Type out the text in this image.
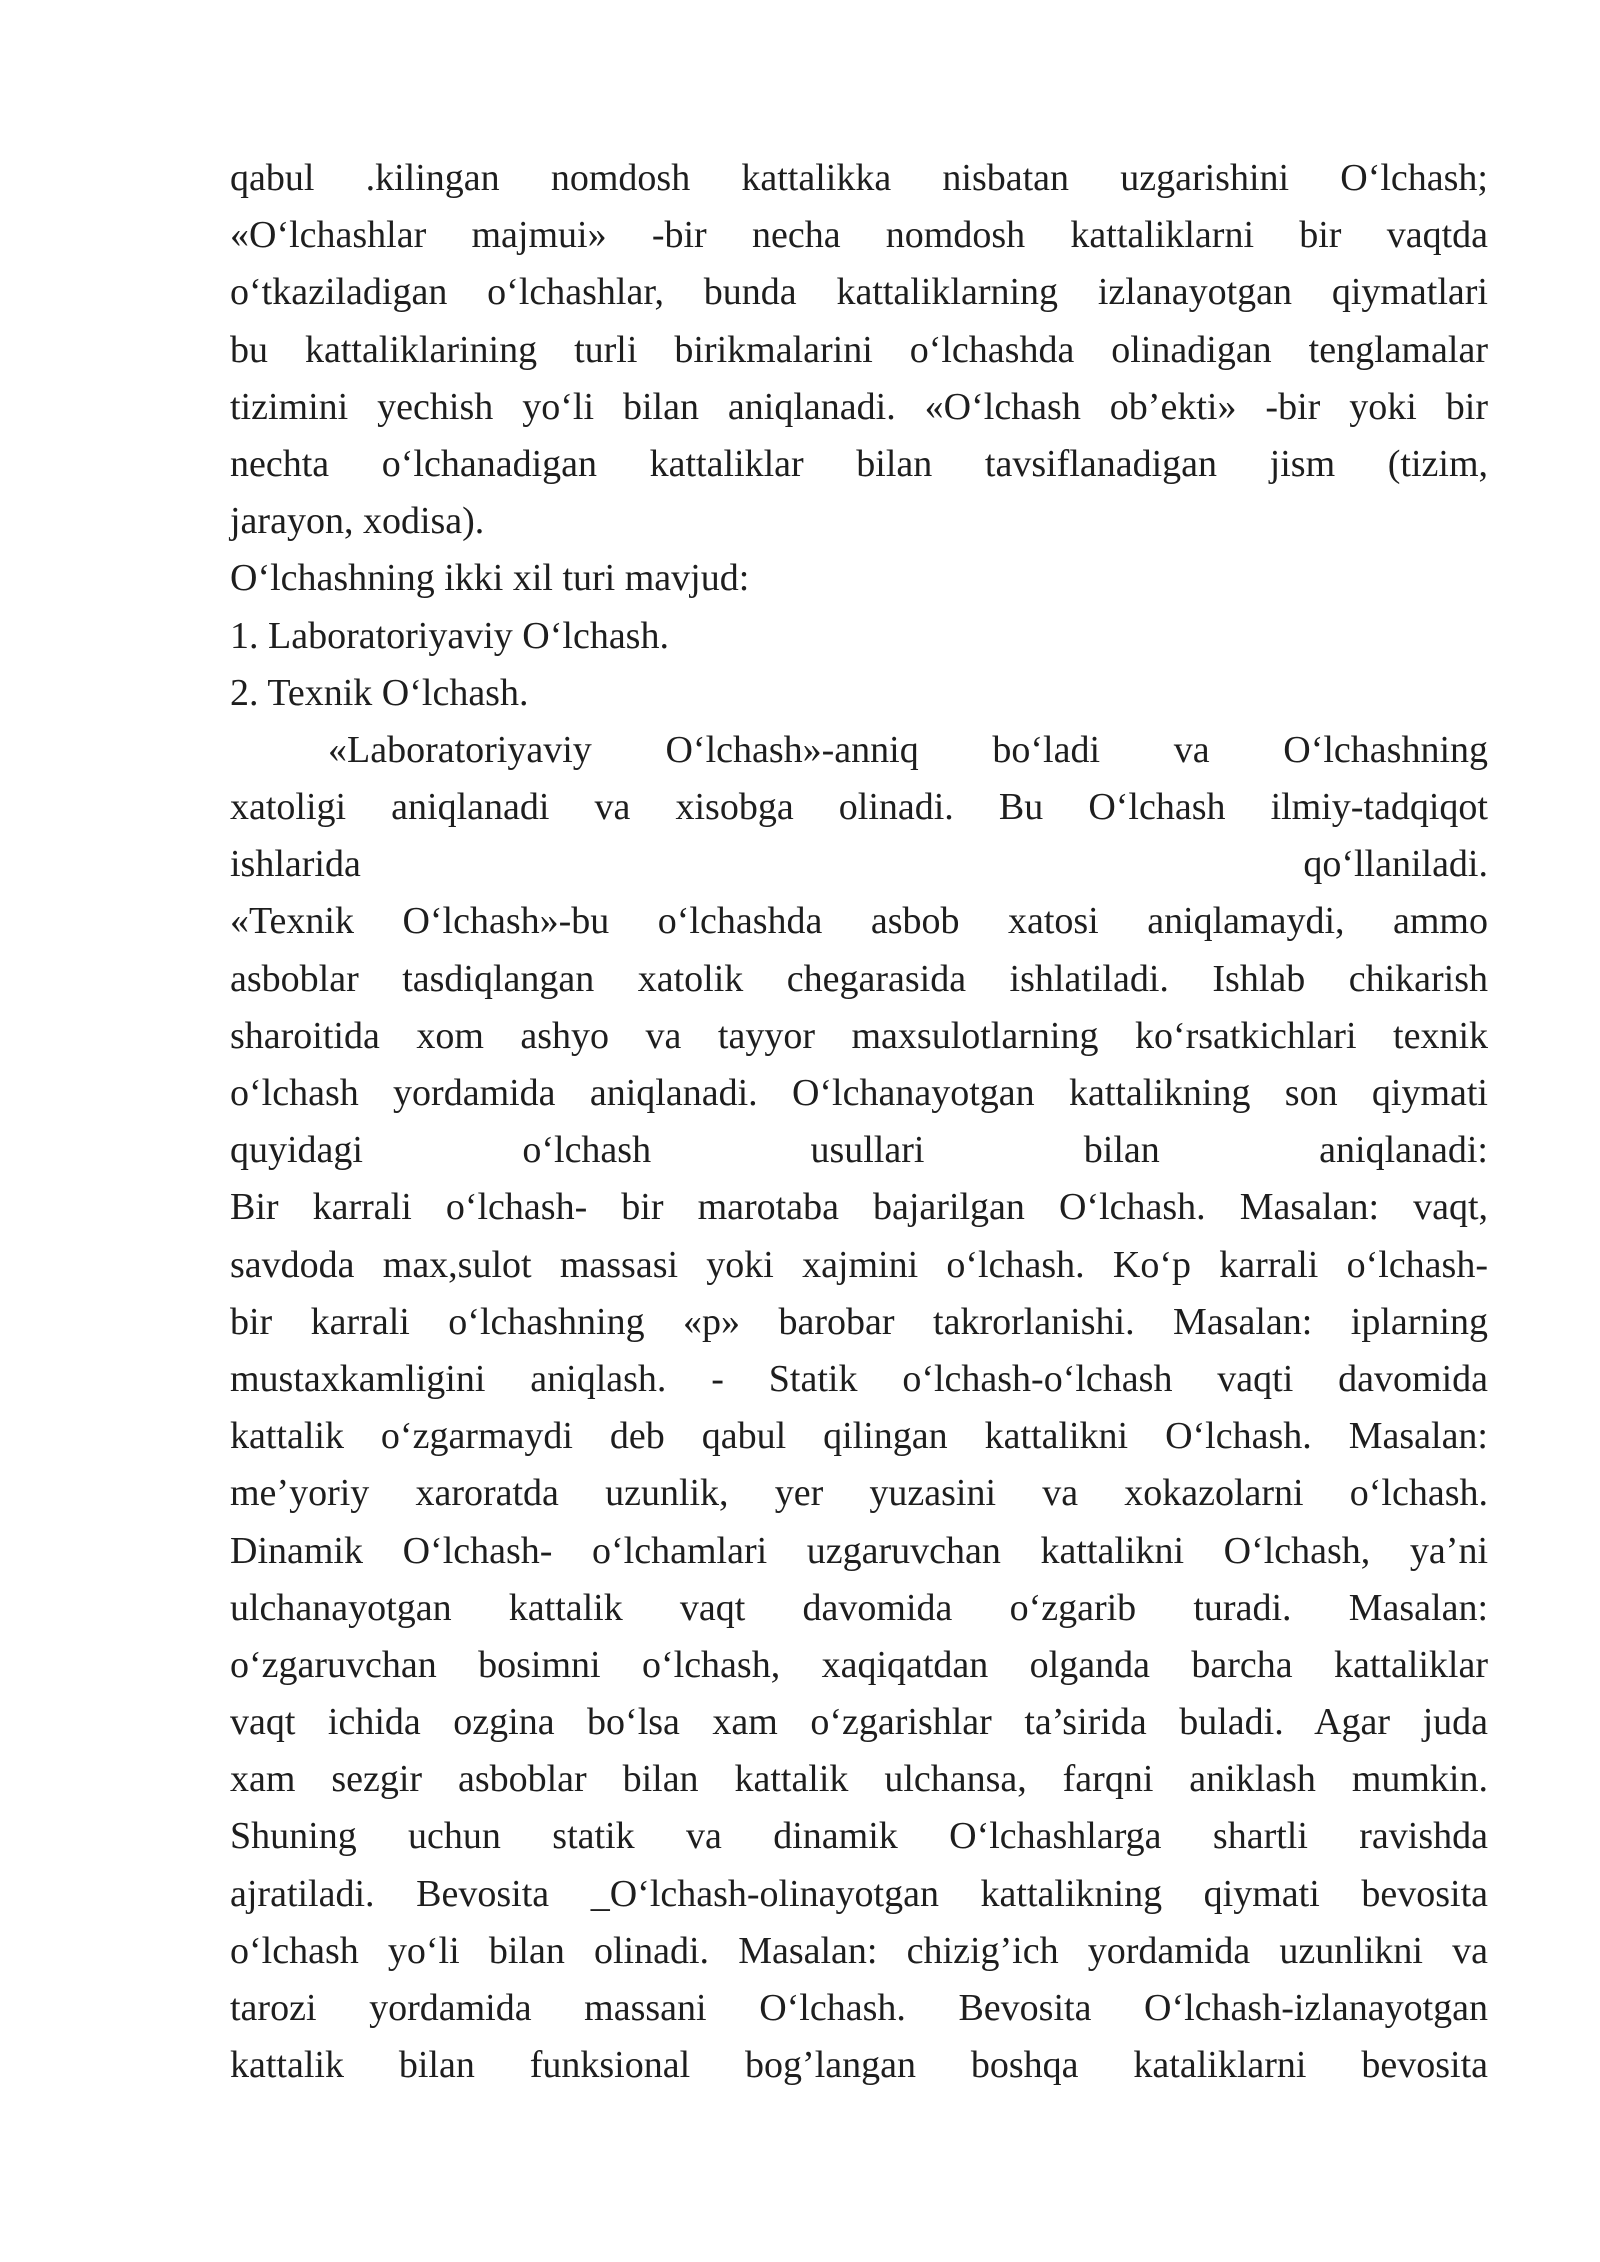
qabul .kilingan nomdosh kattalikka nisbatan uzgarishini O‘lchash;
«O‘lchashlar majmui» -bir necha nomdosh kattaliklarni bir vaqtda
o‘tkaziladigan o‘lchashlar, bunda kattaliklarning izlanayotgan qiymatlari
bu kattaliklarining turli birikmalarini o‘lchashda olinadigan tenglamalar
tizimini yechish yo‘li bilan aniqlanadi. «O‘lchash ob’ekti» -bir yoki bir
nechta o‘lchanadigan kattaliklar bilan tavsiflanadigan jism (tizim,
jarayon, xodisa).
O‘lchashning ikki xil turi mavjud:
1. Laboratoriyaviy O‘lchash.
2. Texnik O‘lchash.
«Laboratoriyaviy O‘lchash»-anniq bo‘ladi va O‘lchashning
xatoligi aniqlanadi va xisobga olinadi. Bu O‘lchash ilmiy-tadqiqot
ishlarida qo‘llaniladi.
«Texnik O‘lchash»-bu o‘lchashda asbob xatosi aniqlamaydi, ammo
asboblar tasdiqlangan xatolik chegarasida ishlatiladi. Ishlab chikarish
sharoitida xom ashyo va tayyor maxsulotlarning ko‘rsatkichlari texnik
o‘lchash yordamida aniqlanadi. O‘lchanayotgan kattalikning son qiymati
quyidagi o‘lchash usullari bilan aniqlanadi:
Bir karrali o‘lchash- bir marotaba bajarilgan O‘lchash. Masalan: vaqt,
savdoda max,sulot massasi yoki xajmini o‘lchash. Ko‘p karrali o‘lchash-
bir karrali o‘lchashning «p» barobar takrorlanishi. Masalan: iplarning
mustaxkamligini aniqlash. - Statik o‘lchash-o‘lchash vaqti davomida
kattalik o‘zgarmaydi deb qabul qilingan kattalikni O‘lchash. Masalan:
me’yoriy xaroratda uzunlik, yer yuzasini va xokazolarni o‘lchash.
Dinamik O‘lchash- o‘lchamlari uzgaruvchan kattalikni O‘lchash, ya’ni
ulchanayotgan kattalik vaqt davomida o‘zgarib turadi. Masalan:
o‘zgaruvchan bosimni o‘lchash, xaqiqatdan olganda barcha kattaliklar
vaqt ichida ozgina bo‘lsa xam o‘zgarishlar ta’sirida buladi. Agar juda
xam sezgir asboblar bilan kattalik ulchansa, farqni aniklash mumkin.
Shuning uchun statik va dinamik O‘lchashlarga shartli ravishda
ajratiladi. Bevosita _O‘lchash-olinayotgan kattalikning qiymati bevosita
o‘lchash yo‘li bilan olinadi. Masalan: chizig’ich yordamida uzunlikni va
tarozi yordamida massani O‘lchash. Bevosita O‘lchash-izlanayotgan
kattalik bilan funksional bog’langan boshqa kataliklarni bevosita
